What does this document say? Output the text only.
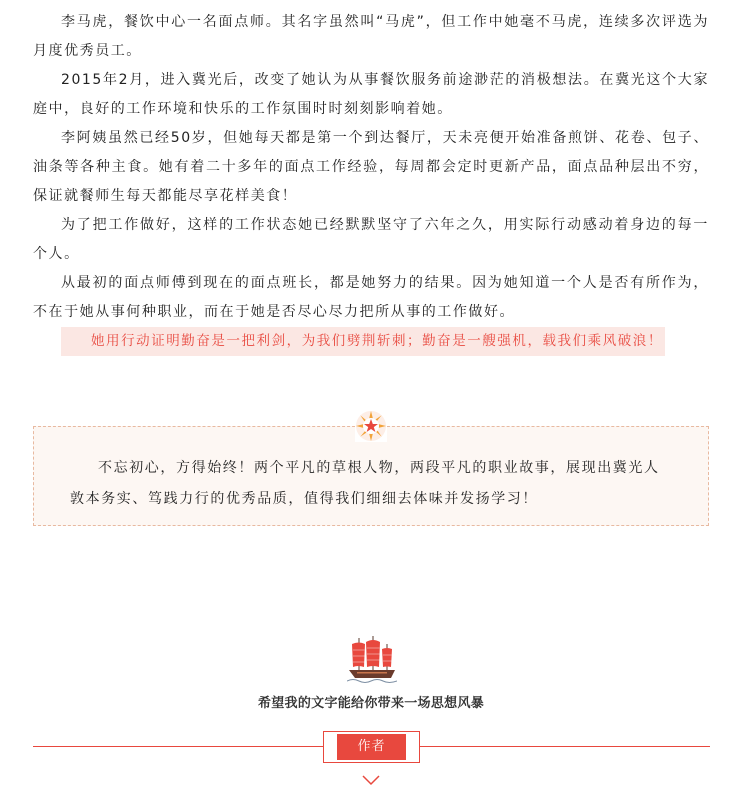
李马虎，餐饮中心一名面点师。其名字虽然叫“马虎”，但工作中她毫不马虎，连续多次评选为月度优秀员工。

2015年2月，进入冀光后，改变了她认为从事餐饮服务前途渺茫的消极想法。在冀光这个大家庭中，良好的工作环境和快乐的工作氛围时时刻刻影响着她。

李阿姨虽然已经50岁，但她每天都是第一个到达餐厅，天未亮便开始准备煎饼、花卷、包子、油条等各种主食。她有着二十多年的面点工作经验，每周都会定时更新产品，面点品种层出不穷，保证就餐师生每天都能尽享花样美食！

为了把工作做好，这样的工作状态她已经默默坚守了六年之久，用实际行动感动着身边的每一个人。

从最初的面点师傅到现在的面点班长，都是她努力的结果。因为她知道一个人是否有所作为，不在于她从事何种职业，而在于她是否尽心尽力把所从事的工作做好。

她用行动证明勤奋是一把利剑，为我们劈荆斩刺；勤奋是一艘强机，载我们乘风破浪！

不忘初心，方得始终！两个平凡的草根人物，两段平凡的职业故事，展现出冀光人敦本务实、笃践力行的优秀品质，值得我们细细去体味并发扬学习！

希望我的文字能给你带来一场思想风暴
作者
